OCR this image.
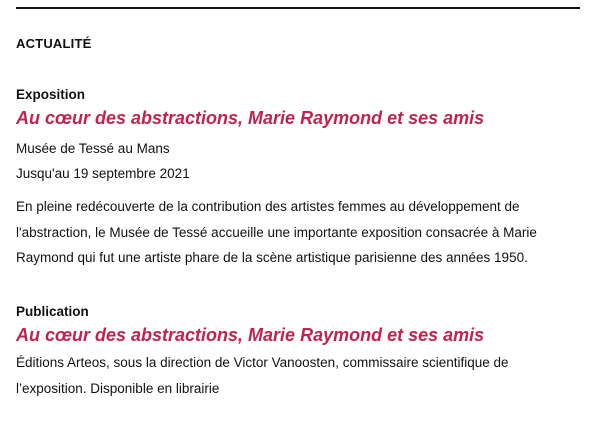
ACTUALITÉ
Exposition
Au cœur des abstractions, Marie Raymond et ses amis
Musée de Tessé au Mans
Jusqu'au 19 septembre 2021
En pleine redécouverte de la contribution des artistes femmes au développement de l'abstraction, le Musée de Tessé accueille une importante exposition consacrée à Marie Raymond qui fut une artiste phare de la scène artistique parisienne des années 1950.
Publication
Au cœur des abstractions, Marie Raymond et ses amis
Éditions Arteos, sous la direction de Victor Vanoosten, commissaire scientifique de l’exposition. Disponible en librairie
